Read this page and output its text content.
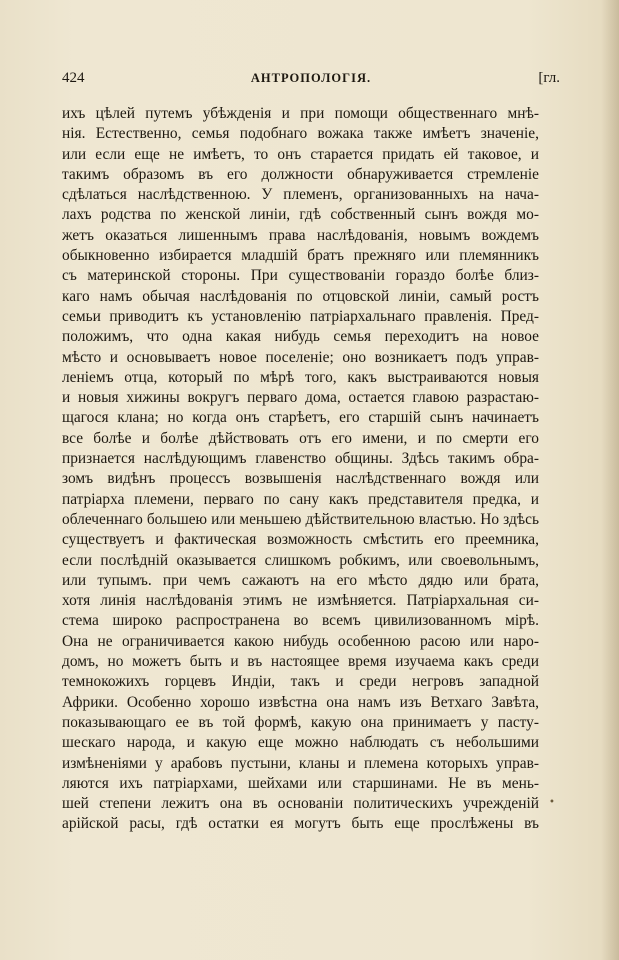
424	АНТРОПОЛОГІЯ.	[гл.
ихъ цѣлей путемъ убѣжденія и при помощи общественнаго мнѣ-
нія. Естественно, семья подобнаго вожака также имѣетъ значеніе,
или если еще не имѣетъ, то онъ старается придать ей таковое, и
такимъ образомъ въ его должности обнаруживается стремленіе
сдѣлаться наслѣдственною. У племенъ, организованныхъ на нача-
лахъ родства по женской линіи, гдѣ собственный сынъ вождя мо-
жетъ оказаться лишеннымъ права наслѣдованія, новымъ вождемъ
обыкновенно избирается младшій братъ прежняго или племянникъ
съ материнской стороны. При существованіи гораздо болѣе близ-
каго намъ обычая наслѣдованія по отцовской линіи, самый ростъ
семьи приводитъ къ установленію патріархальнаго правленія. Пред-
положимъ, что одна какая нибудь семья переходитъ на новое
мѣсто и основываетъ новое поселеніе; оно возникаетъ подъ управ-
леніемъ отца, который по мѣрѣ того, какъ выстраиваются новыя
и новыя хижины вокругъ перваго дома, остается главою разрастаю-
щагося клана; но когда онъ старѣетъ, его старшій сынъ начинаетъ
все болѣе и болѣе дѣйствовать отъ его имени, и по смерти его
признается наслѣдующимъ главенство общины. Здѣсь такимъ обра-
зомъ видѣнъ процессъ возвышенія наслѣдственнаго вождя или
патріарха племени, перваго по сану какъ представителя предка, и
облеченнаго большею или меньшею дѣйствительною властью. Но здѣсь
существуетъ и фактическая возможность смѣстить его преемника,
если послѣдній оказывается слишкомъ робкимъ, или своевольнымъ,
или тупымъ. при чемъ сажаютъ на его мѣсто дядю или брата,
хотя линія наслѣдованія этимъ не измѣняется. Патріархальная си-
стема широко распространена во всемъ цивилизованномъ мірѣ.
Она не ограничивается какою нибудь особенною расою или наро-
домъ, но можетъ быть и въ настоящее время изучаема какъ среди
темнокожихъ горцевъ Индіи, такъ и среди негровъ западной
Африки. Особенно хорошо извѣстна она намъ изъ Ветхаго Завѣта,
показывающаго ее въ той формѣ, какую она принимаетъ у пасту-
шескаго народа, и какую еще можно наблюдать съ небольшими
измѣненіями у арабовъ пустыни, кланы и племена которыхъ управ-
ляются ихъ патріархами, шейхами или старшинами. Не въ мень-
шей степени лежитъ она въ основаніи политическихъ учрежденій
арійской расы, гдѣ остатки ея могутъ быть еще прослѣжены въ
•
